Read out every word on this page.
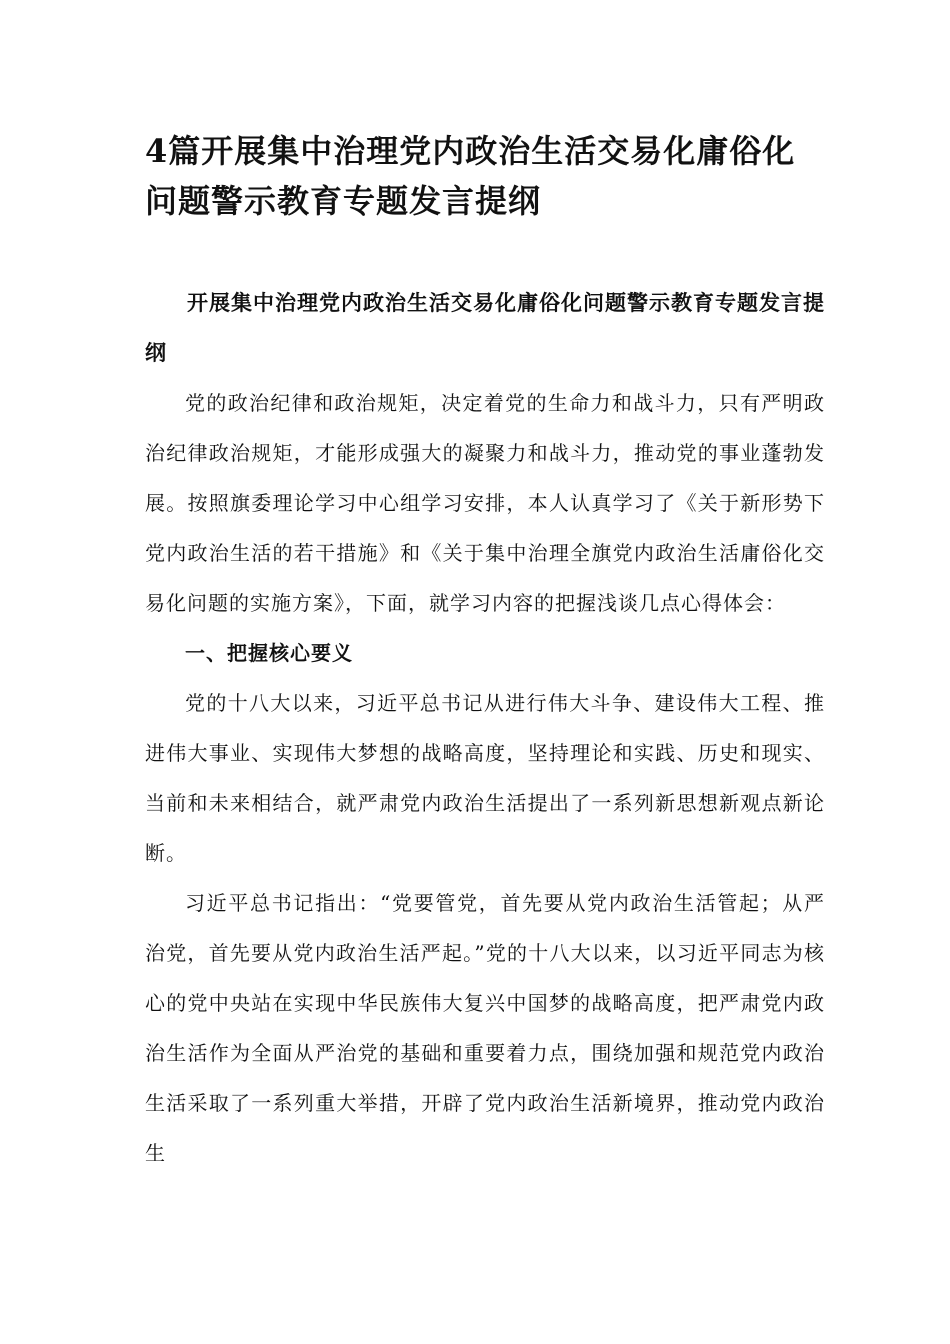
4篇开展集中治理党内政治生活交易化庸俗化问题警示教育专题发言提纲

开展集中治理党内政治生活交易化庸俗化问题警示教育专题发言提纲

党的政治纪律和政治规矩，决定着党的生命力和战斗力，只有严明政治纪律政治规矩，才能形成强大的凝聚力和战斗力，推动党的事业蓬勃发展。按照旗委理论学习中心组学习安排，本人认真学习了《关于新形势下党内政治生活的若干措施》和《关于集中治理全旗党内政治生活庸俗化交易化问题的实施方案》，下面，就学习内容的把握浅谈几点心得体会：

一、把握核心要义

党的十八大以来，习近平总书记从进行伟大斗争、建设伟大工程、推进伟大事业、实现伟大梦想的战略高度，坚持理论和实践、历史和现实、当前和未来相结合，就严肃党内政治生活提出了一系列新思想新观点新论断。

习近平总书记指出：“党要管党，首先要从党内政治生活管起；从严治党，首先要从党内政治生活严起。”党的十八大以来，以习近平同志为核心的党中央站在实现中华民族伟大复兴中国梦的战略高度，把严肃党内政治生活作为全面从严治党的基础和重要着力点，围绕加强和规范党内政治生活采取了一系列重大举措，开辟了党内政治生活新境界，推动党内政治生
